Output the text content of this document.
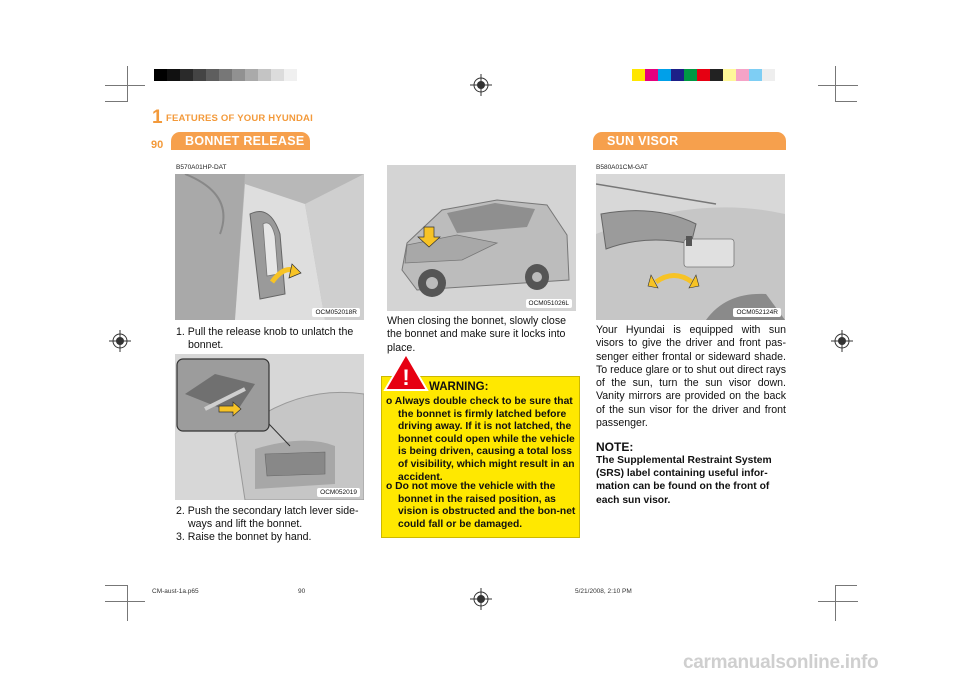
1 FEATURES OF YOUR HYUNDAI
90	BONNET RELEASE
B570A01HP-DAT
OCM052018R
1. Pull the release knob to unlatch the bonnet.
OCM052019
2. Push the secondary latch lever side-ways and lift the bonnet.
3. Raise the bonnet by hand.
OCM051026L
When closing the bonnet, slowly close the bonnet and make sure it locks into place.
! WARNING:
o Always double check to be sure that the bonnet is firmly latched before driving away. If it is not latched, the bonnet could open while the vehicle is being driven, causing a total loss of visibility, which might result in an accident.
o Do not move the vehicle with the bonnet in the raised position, as vision is obstructed and the bon-net could fall or be damaged.
SUN VISOR
B580A01CM-GAT
OCM052124R
Your Hyundai is equipped with sun visors to give the driver and front pas-senger either frontal or sideward shade. To reduce glare or to shut out direct rays of the sun, turn the sun visor down. Vanity mirrors are provided on the back of the sun visor for the driver and front passenger.
NOTE:
The Supplemental Restraint System (SRS) label containing useful infor-mation can be found on the front of each sun visor.
CM-aust-1a.p65	90	5/21/2008, 2:10 PM
carmanualsonline.info
